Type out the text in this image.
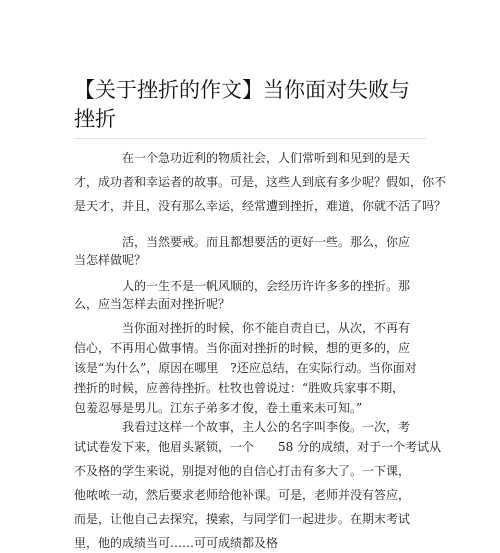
【关于挫折的作文】当你面对失败与
挫折
　　　　在一个急功近利的物质社会，人们常听到和见到的是天
才，成功者和幸运者的故事。可是，这些人到底有多少呢？假如，你不
是天才，并且，没有那么幸运，经常遭到挫折，难道，你就不活了吗？
　　　　活，当然要戒。而且都想要活的更好一些。那么，你应
当怎样做呢？
　　　　人的一生不是一帆风顺的，会经历许许多多的挫折。那
么，应当怎样去面对挫折呢？
　　　　当你面对挫折的时候，你不能自责自已，从次，不再有
信心，不再用心做事情。当你面对挫折的时候，想的更多的，应
该是“为什么”，原因在哪里　?还应总结，在实际行动。当你面对
挫折的时候，应善待挫折。杜牧也曾说过：“胜败兵家事不期，
包羞忍辱是男儿。江东子弟多才俊，卷土重来未可知。”
　　　　我看过这样一个故事，主人公的名字叫李俊。一次，考
试试卷发下来，他眉头紧锁，一个　　58 分的成绩，对于一个考试从
不及格的学生来说，别提对他的自信心打击有多大了。一下课，
他哝哝一动，然后要求老师给他补课。可是，老师并没有答应，
而是，让他自己去探究，摸索，与同学们一起进步。在期末考试
里，他的成绩当可……可可成绩都及格
